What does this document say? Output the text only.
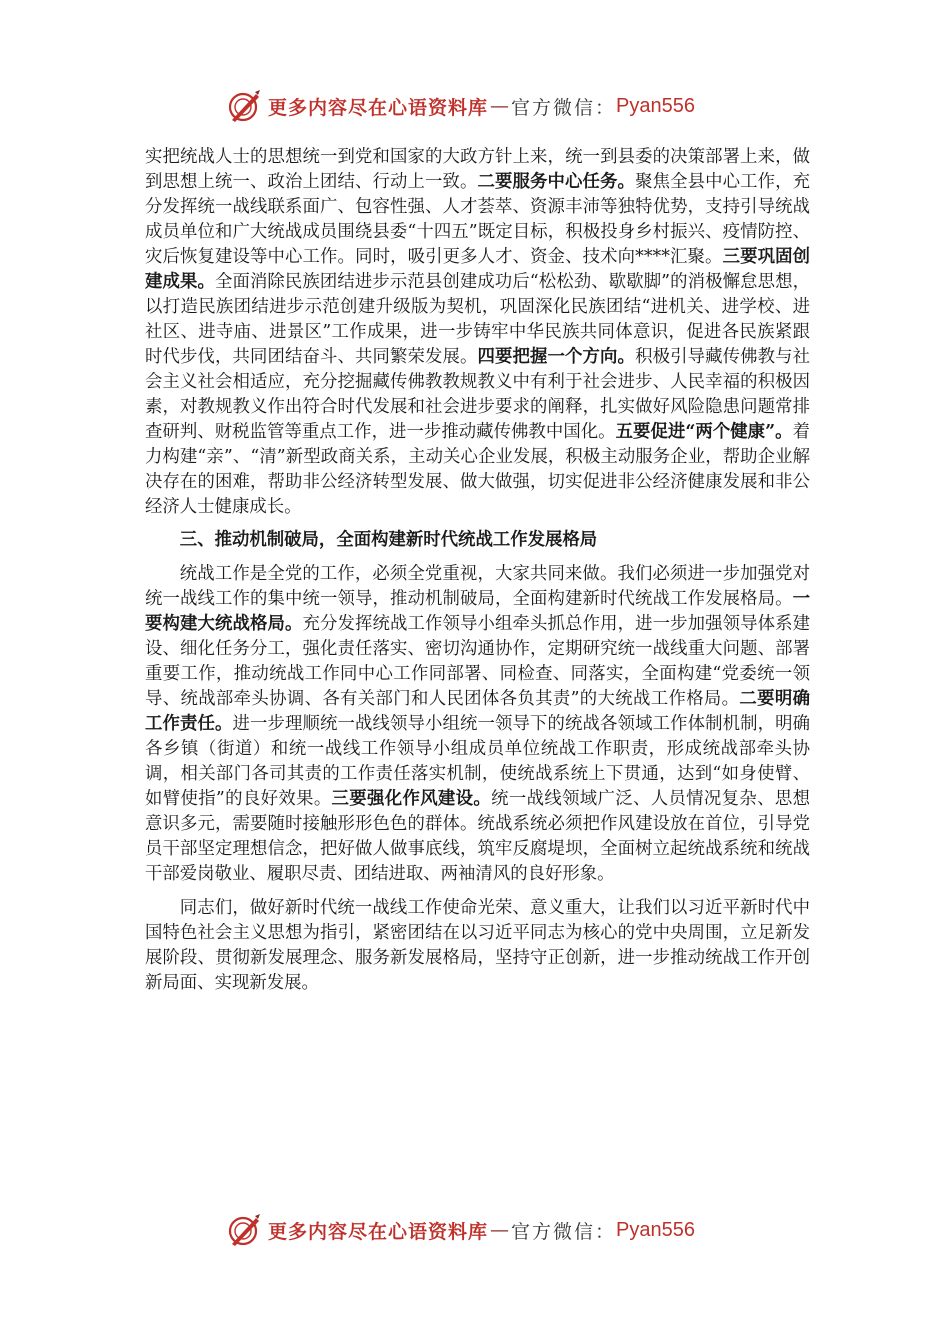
更多内容尽在心语资料库 — 官方微信： Pyan556

实把统战人士的思想统一到党和国家的大政方针上来，统一到县委的决策部署上来，做到思想上统一、政治上团结、行动上一致。二要服务中心任务。聚焦全县中心工作，充分发挥统一战线联系面广、包容性强、人才荟萃、资源丰沛等独特优势，支持引导统战成员单位和广大统战成员围绕县委“十四五”既定目标，积极投身乡村振兴、疫情防控、灾后恢复建设等中心工作。同时，吸引更多人才、资金、技术向****汇聚。三要巩固创建成果。全面消除民族团结进步示范县创建成功后“松松劲、歇歇脚”的消极懈怠思想，以打造民族团结进步示范创建升级版为契机，巩固深化民族团结“进机关、进学校、进社区、进寺庙、进景区”工作成果，进一步铸牢中华民族共同体意识，促进各民族紧跟时代步伐，共同团结奋斗、共同繁荣发展。四要把握一个方向。积极引导藏传佛教与社会主义社会相适应，充分挖掘藏传佛教教规教义中有利于社会进步、人民幸福的积极因素，对教规教义作出符合时代发展和社会进步要求的阐释，扎实做好风险隐患问题常排查研判、财税监管等重点工作，进一步推动藏传佛教中国化。五要促进“两个健康”。着力构建“亲”、“清”新型政商关系，主动关心企业发展，积极主动服务企业，帮助企业解决存在的困难，帮助非公经济转型发展、做大做强，切实促进非公经济健康发展和非公经济人士健康成长。

三、推动机制破局，全面构建新时代统战工作发展格局

统战工作是全党的工作，必须全党重视，大家共同来做。我们必须进一步加强党对统一战线工作的集中统一领导，推动机制破局，全面构建新时代统战工作发展格局。一要构建大统战格局。充分发挥统战工作领导小组牵头抓总作用，进一步加强领导体系建设、细化任务分工，强化责任落实、密切沟通协作，定期研究统一战线重大问题、部署重要工作，推动统战工作同中心工作同部署、同检查、同落实，全面构建“党委统一领导、统战部牵头协调、各有关部门和人民团体各负其责”的大统战工作格局。二要明确工作责任。进一步理顺统一战线领导小组统一领导下的统战各领域工作体制机制，明确各乡镇（街道）和统一战线工作领导小组成员单位统战工作职责，形成统战部牵头协调，相关部门各司其责的工作责任落实机制，使统战系统上下贯通，达到“如身使臂、如臂使指”的良好效果。三要强化作风建设。统一战线领域广泛、人员情况复杂、思想意识多元，需要随时接触形形色色的群体。统战系统必须把作风建设放在首位，引导党员干部坚定理想信念，把好做人做事底线，筑牢反腐堤坝，全面树立起统战系统和统战干部爱岗敬业、履职尽责、团结进取、两袖清风的良好形象。

同志们，做好新时代统一战线工作使命光荣、意义重大，让我们以习近平新时代中国特色社会主义思想为指引，紧密团结在以习近平同志为核心的党中央周围，立足新发展阶段、贯彻新发展理念、服务新发展格局，坚持守正创新，进一步推动统战工作开创新局面、实现新发展。

更多内容尽在心语资料库 — 官方微信： Pyan556
